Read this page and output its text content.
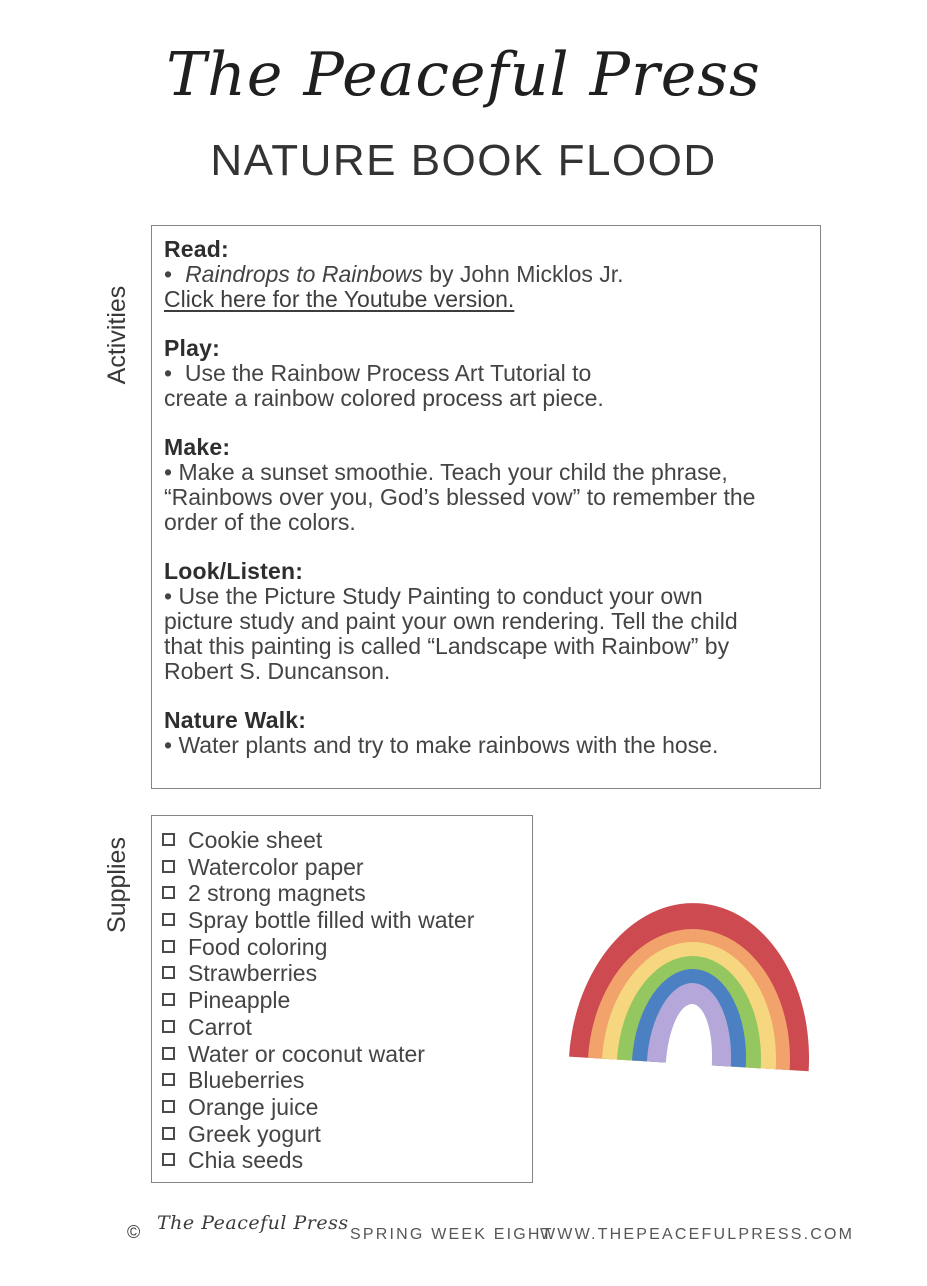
The Peaceful Press
NATURE BOOK FLOOD
Activities
Supplies
Read:
• Raindrops to Rainbows by John Micklos Jr.
Click here for the Youtube version.
Play:
•  Use the Rainbow Process Art Tutorial to
create a rainbow colored process art piece.
Make:
• Make a sunset smoothie. Teach your child the phrase,
“Rainbows over you, God’s blessed vow” to remember the
order of the colors.
Look/Listen:
• Use the Picture Study Painting to conduct your own
picture study and paint your own rendering. Tell the child
that this painting is called “Landscape with Rainbow” by
Robert S. Duncanson.
Nature Walk:
• Water plants and try to make rainbows with the hose.
Cookie sheet
Watercolor paper
2 strong magnets
Spray bottle filled with water
Food coloring
Strawberries
Pineapple
Carrot
Water or coconut water
Blueberries
Orange juice
Greek yogurt
Chia seeds
© The Peaceful Press
SPRING WEEK EIGHT
WWW.THEPEACEFULPRESS.COM
